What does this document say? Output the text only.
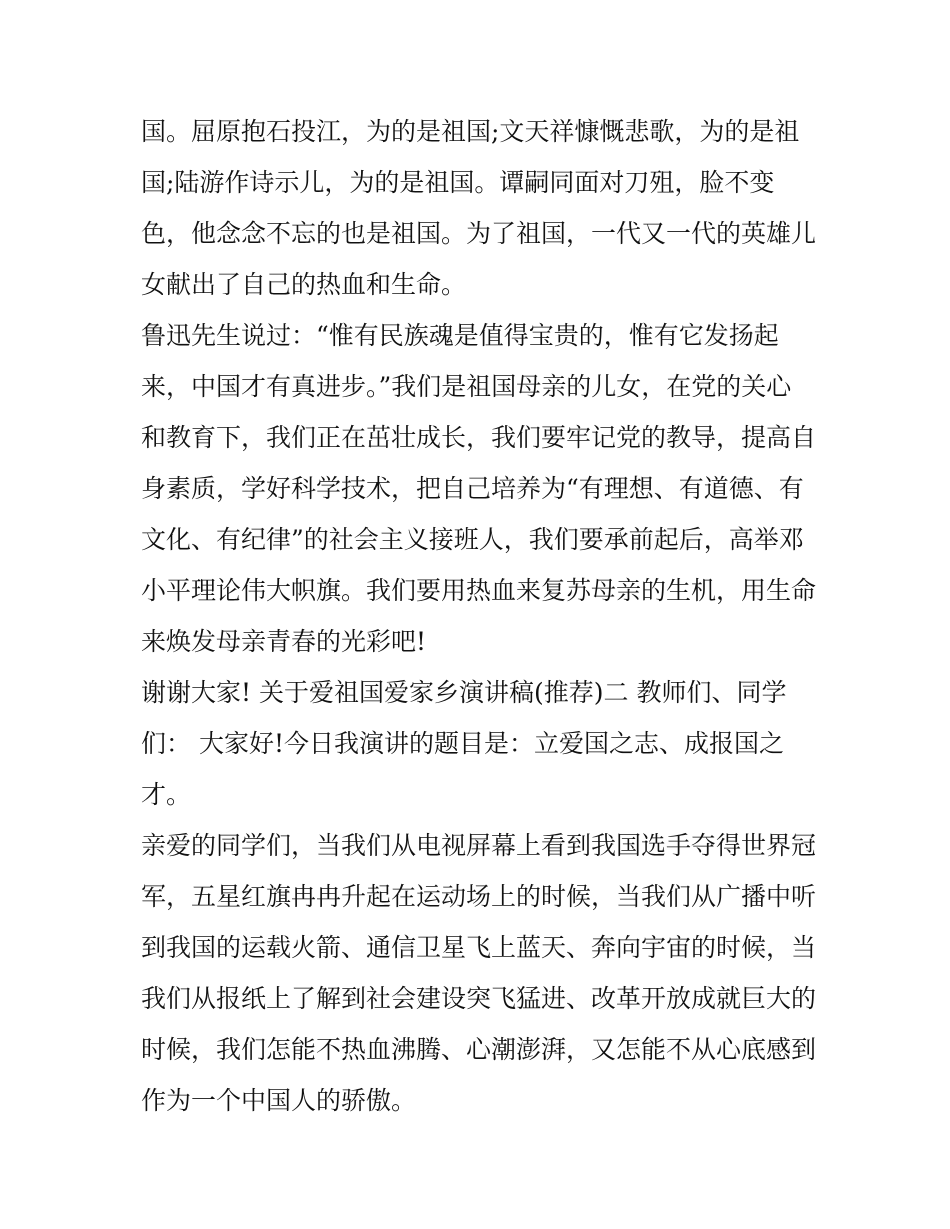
国。屈原抱石投江，为的是祖国;文天祥慷慨悲歌，为的是祖
国;陆游作诗示儿，为的是祖国。谭嗣同面对刀殂，脸不变
色，他念念不忘的也是祖国。为了祖国，一代又一代的英雄儿
女献出了自己的热血和生命。
鲁迅先生说过：“惟有民族魂是值得宝贵的，惟有它发扬起
来，中国才有真进步。”我们是祖国母亲的儿女，在党的关心
和教育下，我们正在茁壮成长，我们要牢记党的教导，提高自
身素质，学好科学技术，把自己培养为“有理想、有道德、有
文化、有纪律”的社会主义接班人，我们要承前起后，高举邓
小平理论伟大帜旗。我们要用热血来复苏母亲的生机，用生命
来焕发母亲青春的光彩吧!
谢谢大家! 关于爱祖国爱家乡演讲稿(推荐)二 教师们、同学
们： 大家好!今日我演讲的题目是：立爱国之志、成报国之
才。
亲爱的同学们，当我们从电视屏幕上看到我国选手夺得世界冠
军，五星红旗冉冉升起在运动场上的时候，当我们从广播中听
到我国的运载火箭、通信卫星飞上蓝天、奔向宇宙的时候，当
我们从报纸上了解到社会建设突飞猛进、改革开放成就巨大的
时候，我们怎能不热血沸腾、心潮澎湃，又怎能不从心底感到
作为一个中国人的骄傲。
